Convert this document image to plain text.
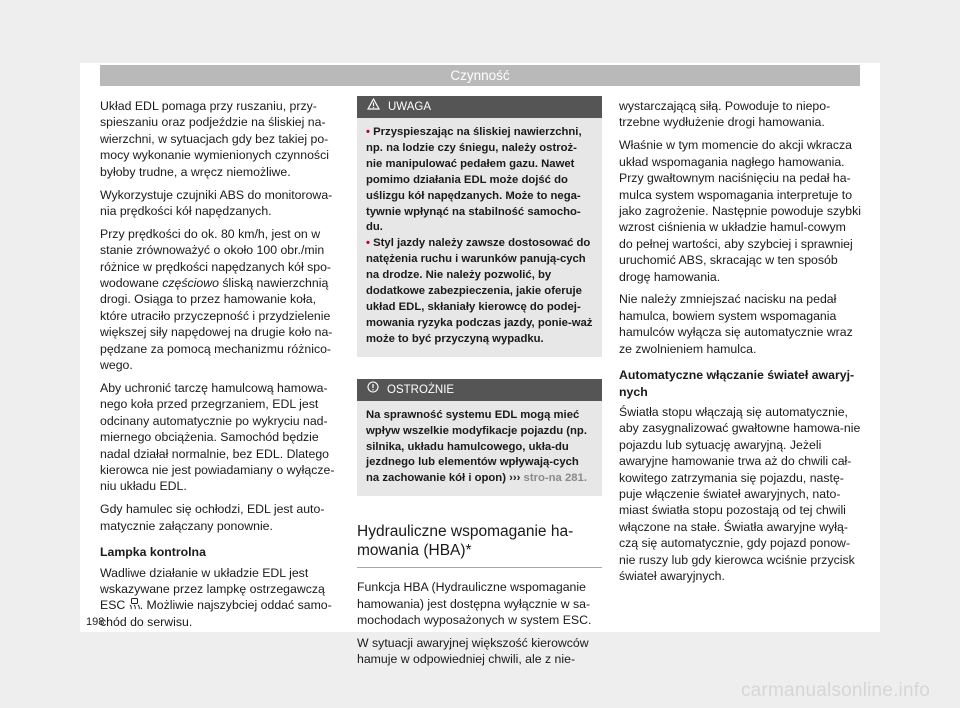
Czynność

Układ EDL pomaga przy ruszaniu, przy-spieszaniu oraz podjeździe na śliskiej na-wierzchni, w sytuacjach gdy bez takiej po-mocy wykonanie wymienionych czynności byłoby trudne, a wręcz niemożliwe.

Wykorzystuje czujniki ABS do monitorowa-nia prędkości kół napędzanych.

Przy prędkości do ok. 80 km/h, jest on w stanie zrównoważyć o około 100 obr./min różnice w prędkości napędzanych kół spo-wodowane częściowo śliską nawierzchnią drogi. Osiąga to przez hamowanie koła, które utraciło przyczepność i przydzielenie większej siły napędowej na drugie koło na-pędzane za pomocą mechanizmu różnico-wego.

Aby uchronić tarczę hamulcową hamowa-nego koła przed przegrzaniem, EDL jest odcinany automatycznie po wykryciu nad-miernego obciążenia. Samochód będzie nadal działał normalnie, bez EDL. Dlatego kierowca nie jest powiadamiany o wyłącze-niu układu EDL.

Gdy hamulec się ochłodzi, EDL jest auto-matycznie załączany ponownie.

Lampka kontrolna

Wadliwe działanie w układzie EDL jest wskazywane przez lampkę ostrzegawczą ESC . Możliwie najszybciej oddać samo-chód do serwisu.

UWAGA
• Przyspieszając na śliskiej nawierzchni, np. na lodzie czy śniegu, należy ostroż-nie manipulować pedałem gazu. Nawet pomimo działania EDL może dojść do uślizgu kół napędzanych. Może to nega-tywnie wpłynąć na stabilność samocho-du.
• Styl jazdy należy zawsze dostosować do natężenia ruchu i warunków panują-cych na drodze. Nie należy pozwolić, by dodatkowe zabezpieczenia, jakie oferuje układ EDL, skłaniały kierowcę do podej-mowania ryzyka podczas jazdy, ponie-waż może to być przyczyną wypadku.
OSTROŻNIE
Na sprawność systemu EDL mogą mieć wpływ wszelkie modyfikacje pojazdu (np. silnika, układu hamulcowego, ukła-du jezdnego lub elementów wpływają-cych na zachowanie kół i opon) ››› stro-na 281.
Hydrauliczne wspomaganie ha-mowania (HBA)*

Funkcja HBA (Hydrauliczne wspomaganie hamowania) jest dostępna wyłącznie w sa-mochodach wyposażonych w system ESC.

W sytuacji awaryjnej większość kierowców hamuje w odpowiedniej chwili, ale z nie-

wystarczającą siłą. Powoduje to niepo-trzebne wydłużenie drogi hamowania.

Właśnie w tym momencie do akcji wkracza układ wspomagania nagłego hamowania. Przy gwałtownym naciśnięciu na pedał ha-mulca system wspomagania interpretuje to jako zagrożenie. Następnie powoduje szybki wzrost ciśnienia w układzie hamul-cowym do pełnej wartości, aby szybciej i sprawniej uruchomić ABS, skracając w ten sposób drogę hamowania.

Nie należy zmniejszać nacisku na pedał hamulca, bowiem system wspomagania hamulców wyłącza się automatycznie wraz ze zwolnieniem hamulca.

Automatyczne włączanie świateł awaryj-nych

Światła stopu włączają się automatycznie, aby zasygnalizować gwałtowne hamowa-nie pojazdu lub sytuację awaryjną. Jeżeli awaryjne hamowanie trwa aż do chwili cał-kowitego zatrzymania się pojazdu, nastę-puje włączenie świateł awaryjnych, nato-miast światła stopu pozostają od tej chwili włączone na stałe. Światła awaryjne wyłą-czą się automatycznie, gdy pojazd ponow-nie ruszy lub gdy kierowca wciśnie przycisk świateł awaryjnych.

198
carmanualsonline.info
